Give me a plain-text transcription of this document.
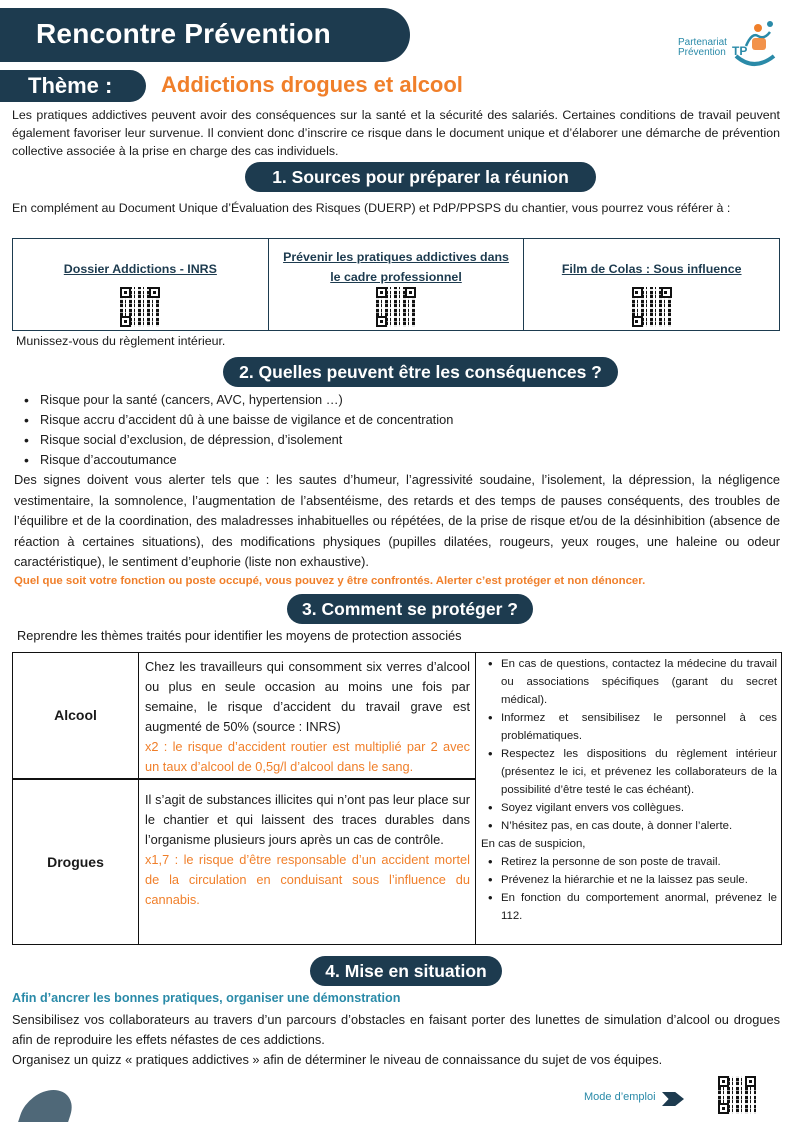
Rencontre Prévention	Partenariat
Prévention TP
Thème : Addictions drogues et alcool

Les pratiques addictives peuvent avoir des conséquences sur la santé et la sécurité des salariés. Certaines conditions de travail peuvent également favoriser leur survenue. Il convient donc d’inscrire ce risque dans le document unique et d’élaborer une démarche de prévention collective associée à la prise en charge des cas individuels.

1. Sources pour préparer la réunion

En complément au Document Unique d’Évaluation des Risques (DUERP) et PdP/PPSPS du chantier, vous pourrez vous référer à :

Dossier Addictions - INRS
Prévenir les pratiques addictives dans le cadre professionnel
Film de Colas : Sous influence

Munissez-vous du règlement intérieur.

2. Quelles peuvent être les conséquences ?
• Risque pour la santé (cancers, AVC, hypertension …)
• Risque accru d’accident dû à une baisse de vigilance et de concentration
• Risque social d’exclusion, de dépression, d’isolement
• Risque d’accoutumance

Des signes doivent vous alerter tels que : les sautes d’humeur, l’agressivité soudaine, l’isolement, la dépression, la négligence vestimentaire, la somnolence, l’augmentation de l’absentéisme, des retards et des temps de pauses conséquents, des troubles de l’équilibre et de la coordination, des maladresses inhabituelles ou répétées, de la prise de risque et/ou de la désinhibition (absence de réaction à certaines situations), des modifications physiques (pupilles dilatées, rougeurs, yeux rouges, une haleine ou odeur caractéristique), le sentiment d’euphorie (liste non exhaustive).

Quel que soit votre fonction ou poste occupé, vous pouvez y être confrontés. Alerter c’est protéger et non dénoncer.
3. Comment se protéger ?

Reprendre les thèmes traités pour identifier les moyens de protection associés

Alcool
Chez les travailleurs qui consomment six verres d’alcool ou plus en seule occasion au moins une fois par semaine, le risque d’accident du travail grave est augmenté de 50% (source : INRS)
x2 : le risque d’accident routier est multiplié par 2 avec un taux d’alcool de 0,5g/l d’alcool dans le sang.
Drogues
Il s’agit de substances illicites qui n’ont pas leur place sur le chantier et qui laissent des traces durables dans l’organisme plusieurs jours après un cas de contrôle.
x1,7 : le risque d’être responsable d’un accident mortel de la circulation en conduisant sous l’influence du cannabis.
• En cas de questions, contactez la médecine du travail ou associations spécifiques (garant du secret médical).
• Informez et sensibilisez le personnel à ces problématiques.
• Respectez les dispositions du règlement intérieur (présentez le ici, et prévenez les collaborateurs de la possibilité d’être testé le cas échéant).
• Soyez vigilant envers vos collègues.
• N’hésitez pas, en cas doute, à donner l’alerte.
En cas de suspicion,
• Retirez la personne de son poste de travail.
• Prévenez la hiérarchie et ne la laissez pas seule.
• En fonction du comportement anormal, prévenez le 112.
4. Mise en situation
Afin d’ancrer les bonnes pratiques, organiser une démonstration

Sensibilisez vos collaborateurs au travers d’un parcours d’obstacles en faisant porter des lunettes de simulation d’alcool ou drogues afin de reproduire les effets néfastes de ces addictions.

Organisez un quizz « pratiques addictives » afin de déterminer le niveau de connaissance du sujet de vos équipes.

Mode d’emploi
